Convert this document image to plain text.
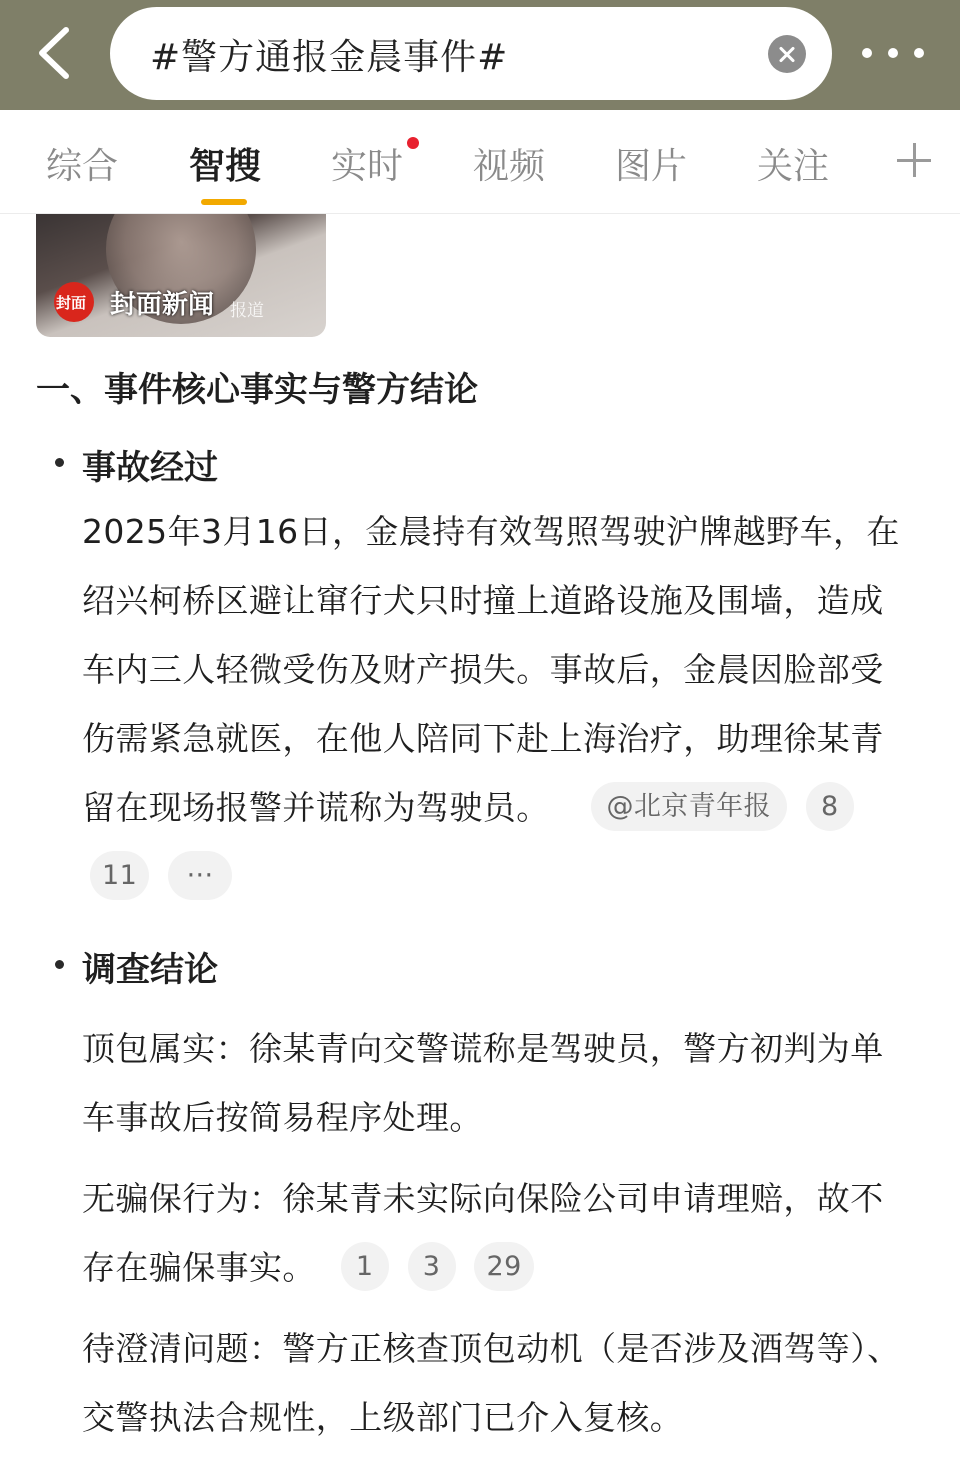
#警方通报金晨事件#
综合 智搜 实时 视频 图片 关注
封面 封面新闻 报道
一、事件核心事实与警方结论
事故经过
2025年3月16日，金晨持有效驾照驾驶沪牌越野车，在绍兴柯桥区避让窜行犬只时撞上道路设施及围墙，造成车内三人轻微受伤及财产损失。事故后，金晨因脸部受伤需紧急就医，在他人陪同下赴上海治疗，助理徐某青留在现场报警并谎称为驾驶员。 @北京青年报 8 11 ···
调查结论
顶包属实：徐某青向交警谎称是驾驶员，警方初判为单车事故后按简易程序处理。
无骗保行为：徐某青未实际向保险公司申请理赔，故不存在骗保事实。 1 3 29
待澄清问题：警方正核查顶包动机（是否涉及酒驾等）、交警执法合规性，上级部门已介入复核。
